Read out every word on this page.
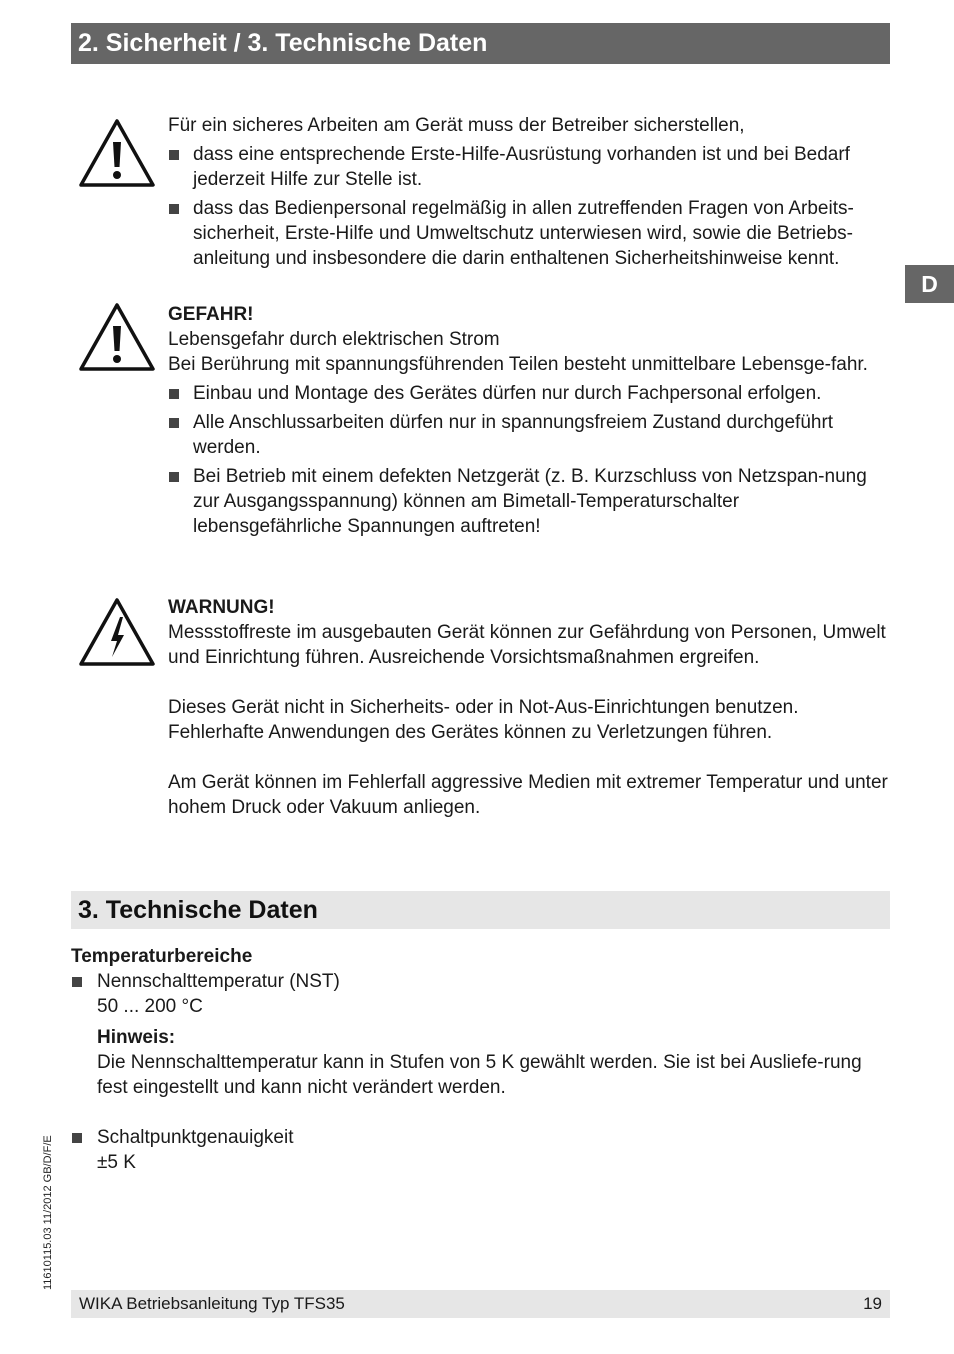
2. Sicherheit / 3. Technische Daten
D
11610115.03 11/2012 GB/D/F/E

Für ein sicheres Arbeiten am Gerät muss der Betreiber sicherstellen,

dass eine entsprechende Erste-Hilfe-Ausrüstung vorhanden ist und bei Bedarf jederzeit Hilfe zur Stelle ist.
dass das Bedienpersonal regelmäßig in allen zutreffenden Fragen von Arbeits-sicherheit, Erste-Hilfe und Umweltschutz unterwiesen wird, sowie die Betriebs-anleitung und insbesondere die darin enthaltenen Sicherheitshinweise kennt.

GEFAHR!

Lebensgefahr durch elektrischen Strom

Bei Berührung mit spannungsführenden Teilen besteht unmittelbare Lebensge-fahr.

Einbau und Montage des Gerätes dürfen nur durch Fachpersonal erfolgen.
Alle Anschlussarbeiten dürfen nur in spannungsfreiem Zustand durchgeführt werden.
Bei Betrieb mit einem defekten Netzgerät (z. B. Kurzschluss von Netzspan-nung zur Ausgangsspannung) können am Bimetall-Temperaturschalter lebensgefährliche Spannungen auftreten!

WARNUNG!

Messstoffreste im ausgebauten Gerät können zur Gefährdung von Personen, Umwelt und Einrichtung führen. Ausreichende Vorsichtsmaßnahmen ergreifen.

Dieses Gerät nicht in Sicherheits- oder in Not-Aus-Einrichtungen benutzen. Fehlerhafte Anwendungen des Gerätes können zu Verletzungen führen.

Am Gerät können im Fehlerfall aggressive Medien mit extremer Temperatur und unter hohem Druck oder Vakuum anliegen.

3. Technische Daten
Temperaturbereiche
Nennschalttemperatur (NST)
50 ... 200 °C
Hinweis:
Die Nennschalttemperatur kann in Stufen von 5 K gewählt werden. Sie ist bei Ausliefe-rung fest eingestellt und kann nicht verändert werden.
Schaltpunktgenauigkeit
±5 K
WIKA Betriebsanleitung Typ TFS35	19
